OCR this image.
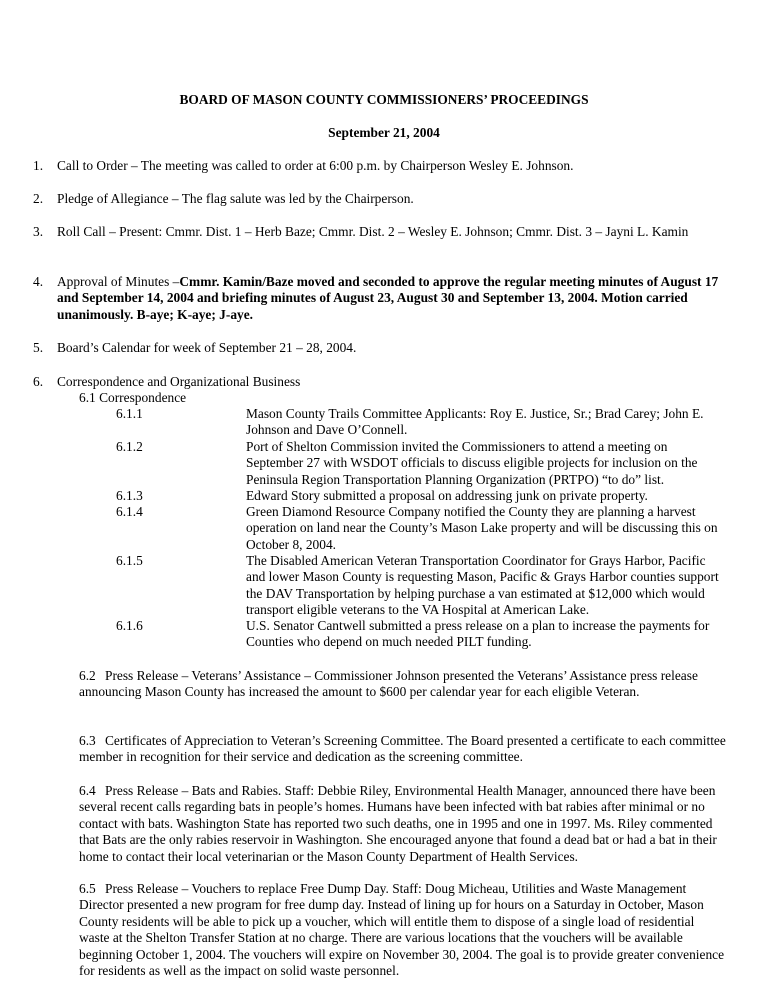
BOARD OF MASON COUNTY COMMISSIONERS’ PROCEEDINGS
September 21, 2004
1. Call to Order – The meeting was called to order at 6:00 p.m. by Chairperson Wesley E. Johnson.
2. Pledge of Allegiance – The flag salute was led by the Chairperson.
3. Roll Call – Present: Cmmr. Dist. 1 – Herb Baze; Cmmr. Dist. 2 – Wesley E. Johnson; Cmmr. Dist. 3 – Jayni L. Kamin
4. Approval of Minutes –Cmmr. Kamin/Baze moved and seconded to approve the regular meeting minutes of August 17 and September 14, 2004 and briefing minutes of August 23, August 30 and September 13, 2004. Motion carried unanimously. B-aye; K-aye; J-aye.
5. Board’s Calendar for week of September 21 – 28, 2004.
6. Correspondence and Organizational Business
6.1 Correspondence
6.1.1	Mason County Trails Committee Applicants: Roy E. Justice, Sr.; Brad Carey; John E. Johnson and Dave O’Connell.
6.1.2	Port of Shelton Commission invited the Commissioners to attend a meeting on September 27 with WSDOT officials to discuss eligible projects for inclusion on the Peninsula Region Transportation Planning Organization (PRTPO) “to do” list.
6.1.3	Edward Story submitted a proposal on addressing junk on private property.
6.1.4	Green Diamond Resource Company notified the County they are planning a harvest operation on land near the County’s Mason Lake property and will be discussing this on October 8, 2004.
6.1.5	The Disabled American Veteran Transportation Coordinator for Grays Harbor, Pacific and lower Mason County is requesting Mason, Pacific & Grays Harbor counties support the DAV Transportation by helping purchase a van estimated at $12,000 which would transport eligible veterans to the VA Hospital at American Lake.
6.1.6	U.S. Senator Cantwell submitted a press release on a plan to increase the payments for Counties who depend on much needed PILT funding.
6.2 Press Release – Veterans’ Assistance – Commissioner Johnson presented the Veterans’ Assistance press release announcing Mason County has increased the amount to $600 per calendar year for each eligible Veteran.
6.3 Certificates of Appreciation to Veteran’s Screening Committee. The Board presented a certificate to each committee member in recognition for their service and dedication as the screening committee.
6.4 Press Release – Bats and Rabies. Staff: Debbie Riley, Environmental Health Manager, announced there have been several recent calls regarding bats in people’s homes. Humans have been infected with bat rabies after minimal or no contact with bats. Washington State has reported two such deaths, one in 1995 and one in 1997. Ms. Riley commented that Bats are the only rabies reservoir in Washington. She encouraged anyone that found a dead bat or had a bat in their home to contact their local veterinarian or the Mason County Department of Health Services.
6.5 Press Release – Vouchers to replace Free Dump Day. Staff: Doug Micheau, Utilities and Waste Management Director presented a new program for free dump day. Instead of lining up for hours on a Saturday in October, Mason County residents will be able to pick up a voucher, which will entitle them to dispose of a single load of residential waste at the Shelton Transfer Station at no charge. There are various locations that the vouchers will be available beginning October 1, 2004. The vouchers will expire on November 30, 2004. The goal is to provide greater convenience for residents as well as the impact on solid waste personnel.
